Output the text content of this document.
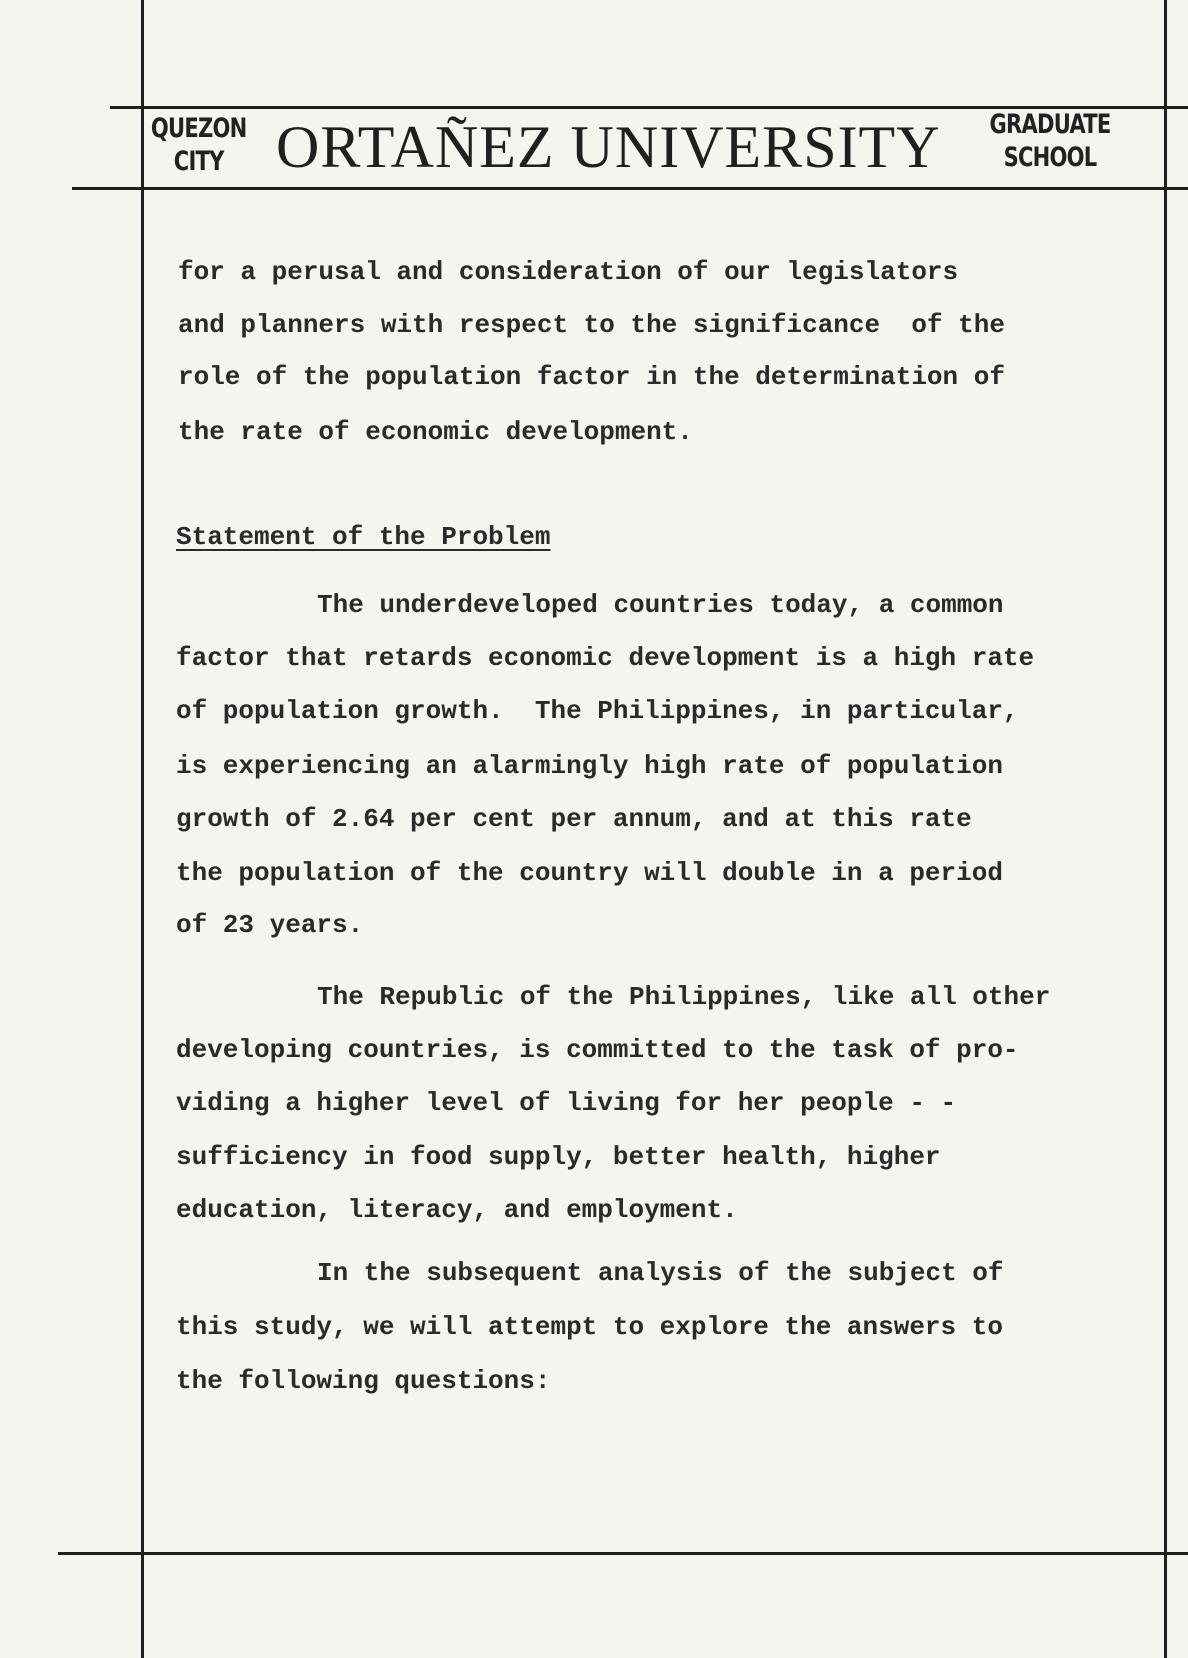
QUEZON
CITY ORTAÑEZ UNIVERSITY	GRADUATE
SCHOOL
for a perusal and consideration of our legislators
and planners with respect to the significance  of the
role of the population factor in the determination of
the rate of economic development.
Statement of the Problem
The underdeveloped countries today, a common
factor that retards economic development is a high rate
of population growth.  The Philippines, in particular,
is experiencing an alarmingly high rate of population
growth of 2.64 per cent per annum, and at this rate
the population of the country will double in a period
of 23 years.
The Republic of the Philippines, like all other
developing countries, is committed to the task of pro-
viding a higher level of living for her people - -
sufficiency in food supply, better health, higher
education, literacy, and employment.
In the subsequent analysis of the subject of
this study, we will attempt to explore the answers to
the following questions:
